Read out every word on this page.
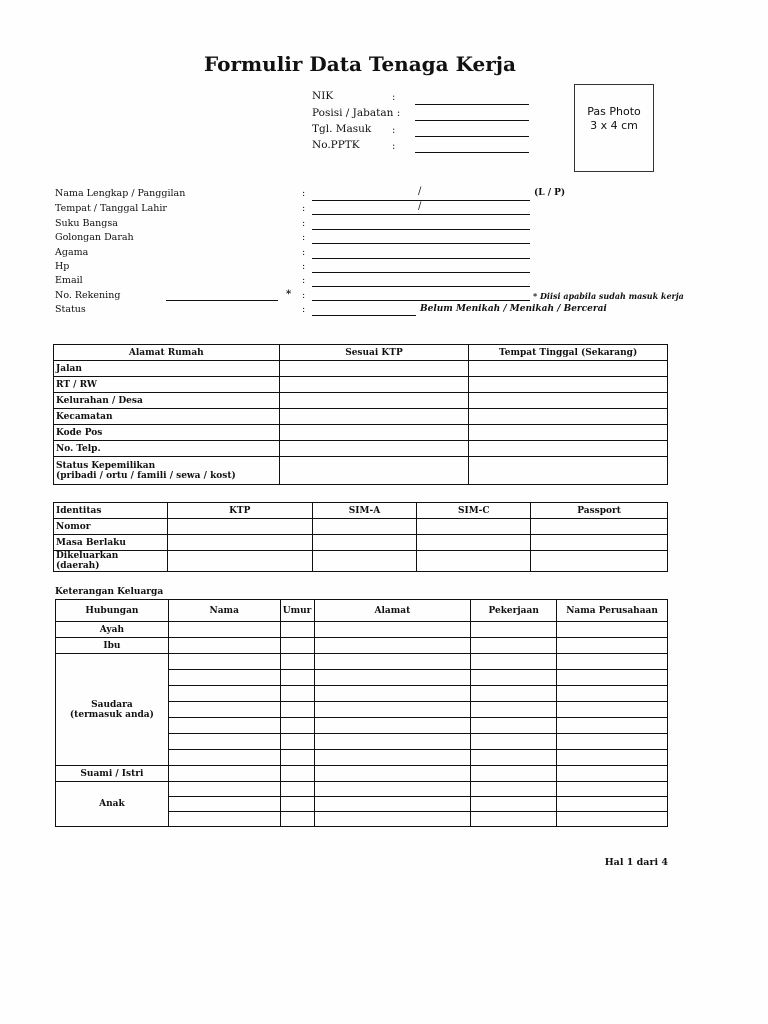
Formulir Data Tenaga Kerja
NIK	:
Posisi / Jabatan :
Tgl. Masuk :
No.PPTK	:
Pas Photo
3 x 4 cm
Nama Lengkap / Panggilan	:	/	(L / P)
Tempat / Tanggal Lahir	:	/
Suku Bangsa	:
Golongan Darah	:
Agama	:
Hp	:
Email	:
No. Rekening	* :	* Diisi apabila sudah masuk kerja
Status	:	Belum Menikah / Menikah / Bercerai
Alamat Rumah	Sesuai KTP	Tempat Tinggal (Sekarang)
Jalan		
RT / RW		
Kelurahan / Desa		
Kecamatan		
Kode Pos		
No. Telp.		

Status Kepemilikan
(pribadi / ortu / famili / sewa / kost)		

Identitas	KTP	SIM-A	SIM-C	Passport
Nomor				
Masa Berlaku				
Dikeluarkan (daerah)				
Keterangan Keluarga
Hubungan	Nama	Umur	Alamat	Pekerjaan	Nama Perusahaan
Ayah					
Ibu					

Saudara
(termasuk anda)					

Suami / Istri					
Anak					

Hal 1 dari 4
